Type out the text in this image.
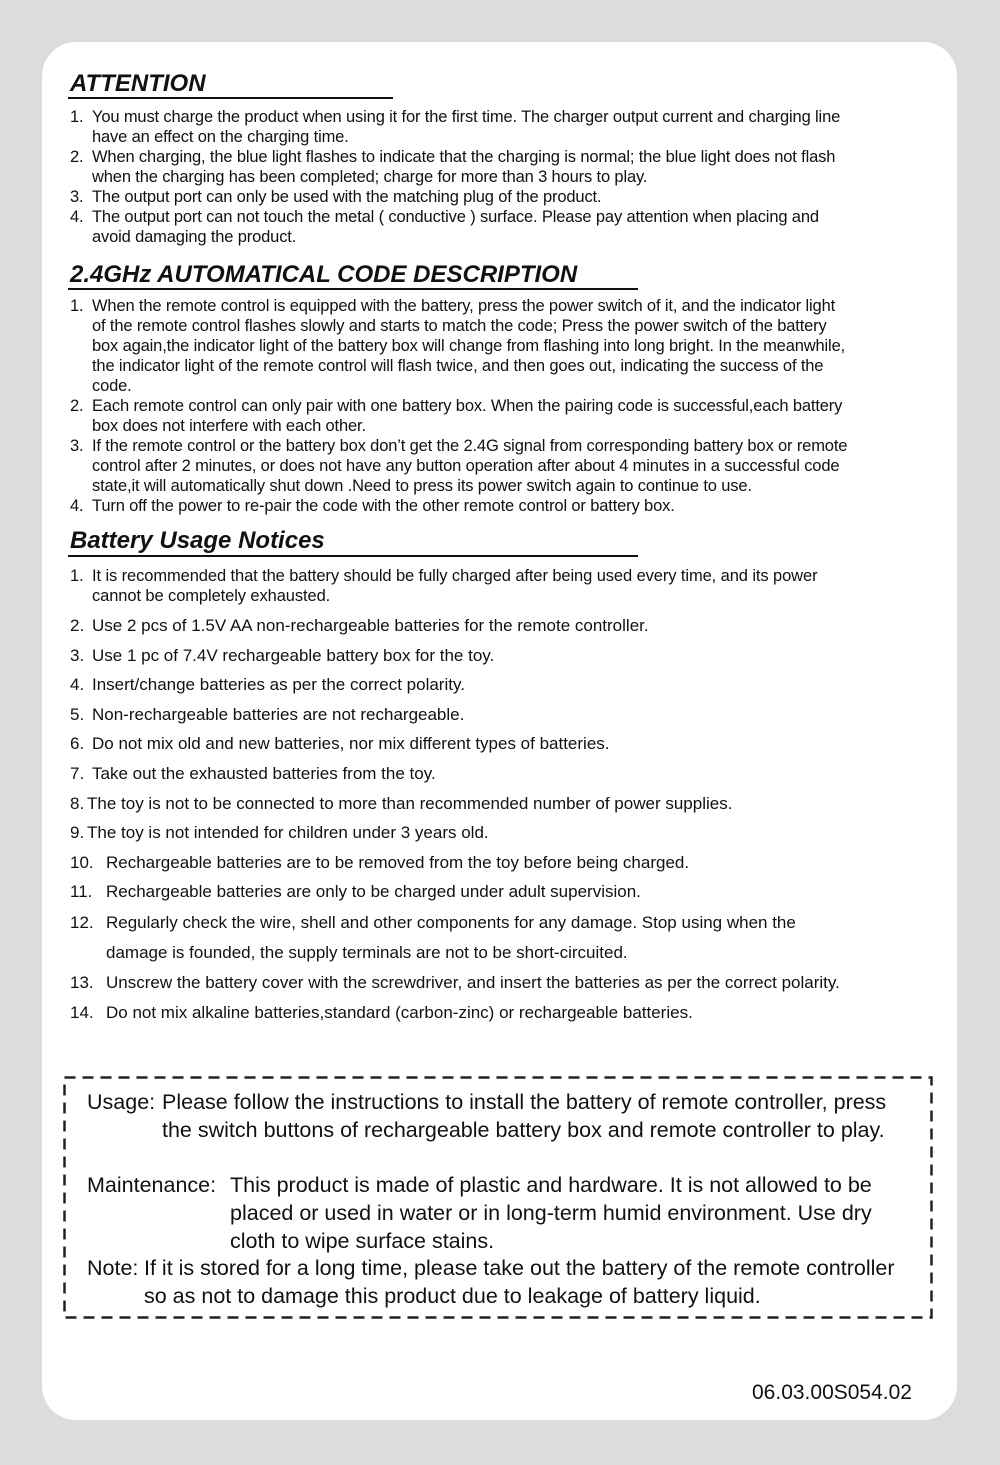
ATTENTION
1. You must charge the product when using it for the first time. The charger output current and charging line have an effect on the charging time.
2. When charging, the blue light flashes to indicate that the charging is normal; the blue light does not flash when the charging has been completed; charge for more than 3 hours to play.
3. The output port can only be used with the matching plug of the product.
4. The output port can not touch the metal ( conductive ) surface. Please pay attention when placing and avoid damaging the product.
2.4GHz AUTOMATICAL CODE DESCRIPTION
1. When the remote control is equipped with the battery, press the power switch of it, and the indicator light of the remote control flashes slowly and starts to match the code; Press the power switch of the battery box again,the indicator light of the battery box will change from flashing into long bright. In the meanwhile, the indicator light of the remote control will flash twice, and then goes out, indicating the success of the code.
2. Each remote control can only pair with one battery box. When the pairing code is successful,each battery box does not interfere with each other.
3. If the remote control or the battery box don’t get the 2.4G signal from corresponding battery box or remote control after 2 minutes, or does not have any button operation after about 4 minutes in a successful code state,it will automatically shut down .Need to press its power switch again to continue to use.
4. Turn off the power to re-pair the code with the other remote control or battery box.
Battery Usage Notices
1. It is recommended that the battery should be fully charged after being used every time, and its power cannot be completely exhausted.
2. Use 2 pcs of 1.5V AA non-rechargeable batteries for the remote controller.
3. Use 1 pc of 7.4V rechargeable battery box for the toy.
4. Insert/change batteries as per the correct polarity.
5. Non-rechargeable batteries are not rechargeable.
6. Do not mix old and new batteries, nor mix different types of batteries.
7. Take out the exhausted batteries from the toy.
8. The toy is not to be connected to more than recommended number of power supplies.
9. The toy is not intended for children under 3 years old.
10. Rechargeable batteries are to be removed from the toy before being charged.
11. Rechargeable batteries are only to be charged under adult supervision.
12. Regularly check the wire, shell and other components for any damage. Stop using when the damage is founded, the supply terminals are not to be short-circuited.
13. Unscrew the battery cover with the screwdriver, and insert the batteries as per the correct polarity.
14. Do not mix alkaline batteries,standard (carbon-zinc) or rechargeable batteries.
Usage: Please follow the instructions to install the battery of remote controller, press the switch buttons of rechargeable battery box and remote controller to play.
Maintenance: This product is made of plastic and hardware. It is not allowed to be placed or used in water or in long-term humid environment. Use dry cloth to wipe surface stains.
Note: If it is stored for a long time, please take out the battery of the remote controller so as not to damage this product due to leakage of battery liquid.
06.03.00S054.02
